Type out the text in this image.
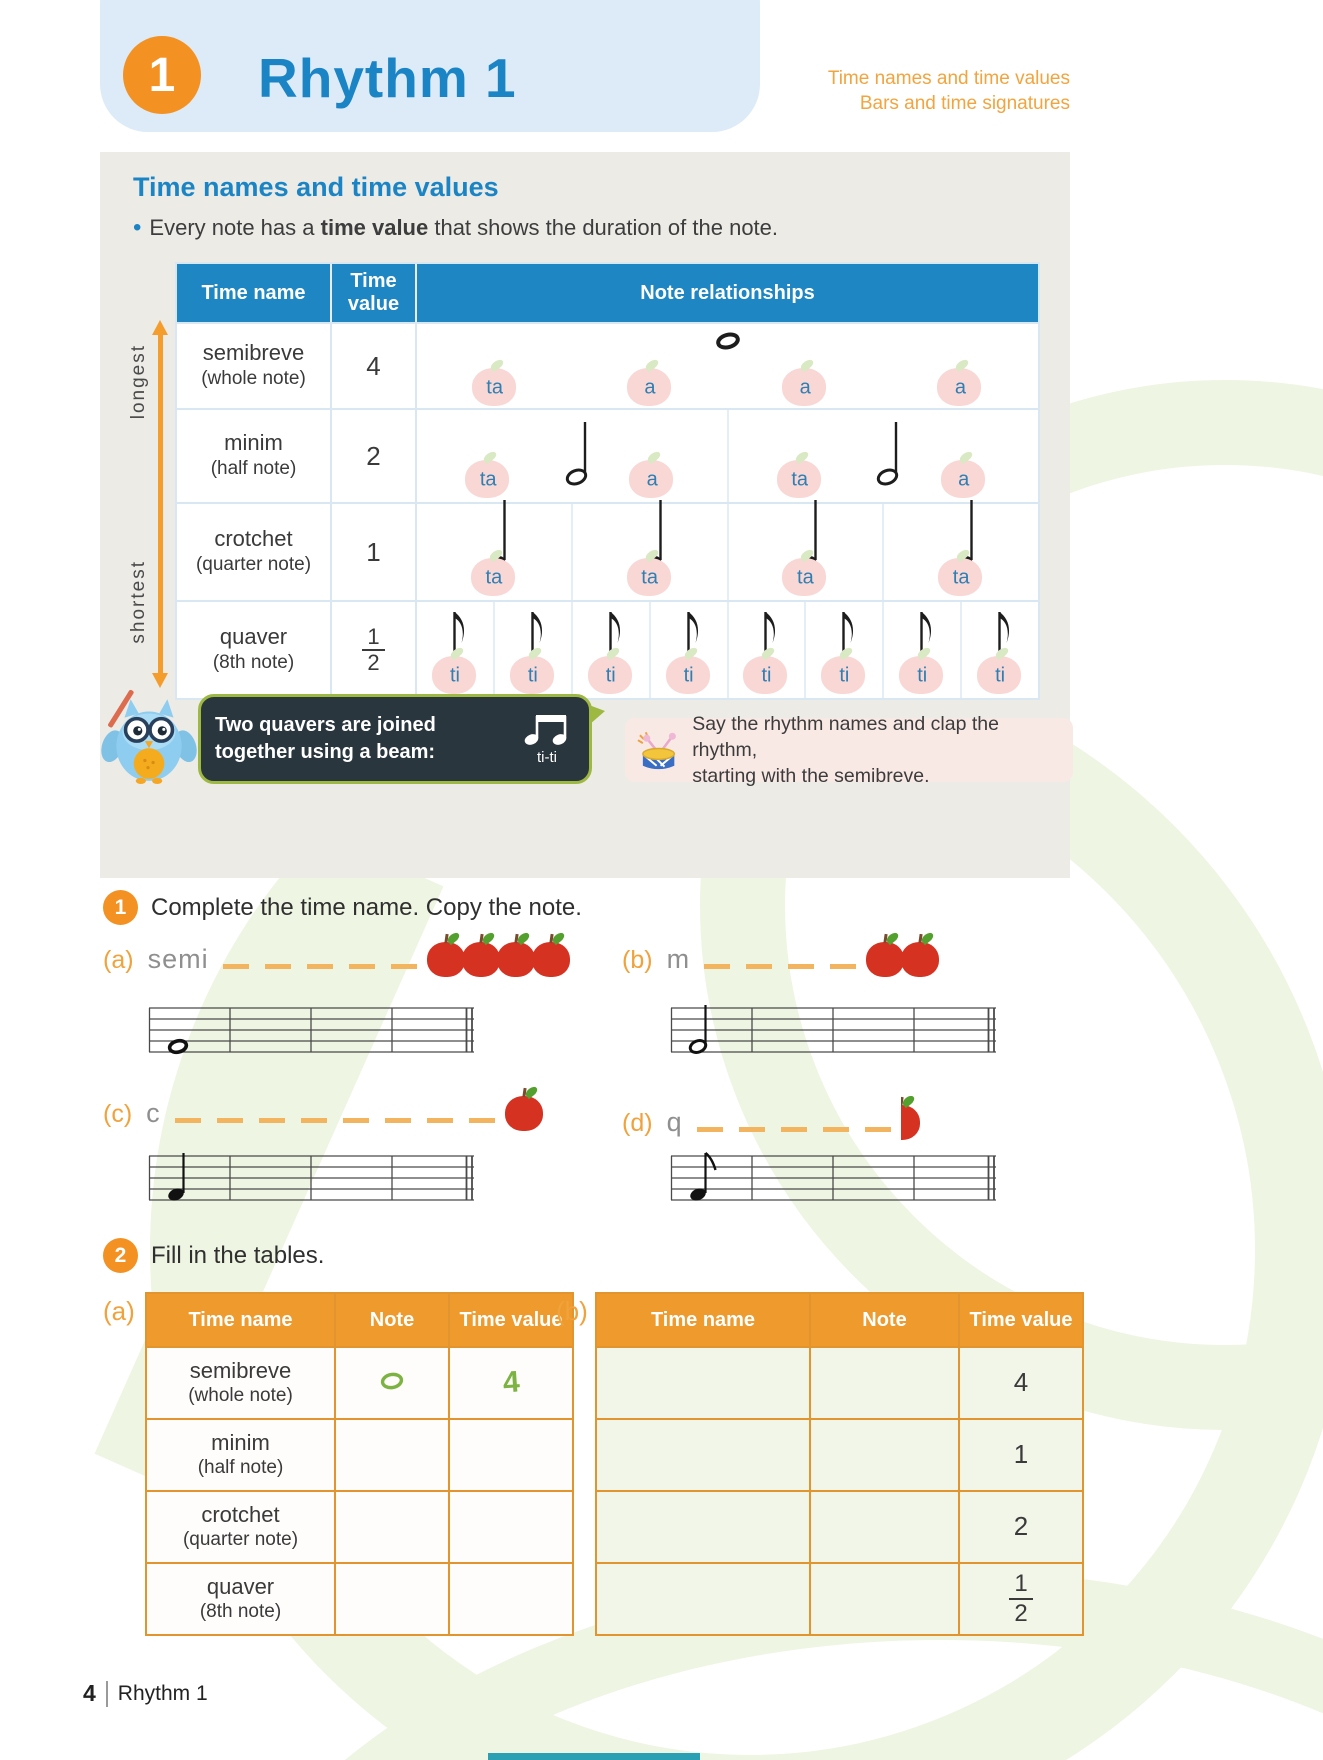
1	Rhythm 1	Time names and time values
Bars and time signatures
Time names and time values
• Every note has a time value that shows the duration of the note.
longest
shortest
Time name
Time value
Note relationships
semibreve
(whole note)	4
ta	a	a	a
minim
(half note)	2
ta	a	ta	a
crotchet
(quarter note)	1
ta	ta	ta	ta
quaver
(8th note)	$\frac{1}{2}$
ti	ti	ti	ti	ti	ti	ti	ti
Two quavers are joined
together using a beam:	ti-ti
Say the rhythm names and clap the rhythm,
starting with the semibreve.
1	Complete the time name. Copy the note.
(a) semi	(b) m
(c) c	(d) q
2	Fill in the tables.
(a)	Time name	Note	Time value

semibreve
(whole note)		4

minim
(half note)		

crotchet
(quarter note)		

quaver
(8th note)		

(b)	Time name	Note	Time value
		4
		1
		2

		$\frac{1}{2}$
4 Rhythm 1
